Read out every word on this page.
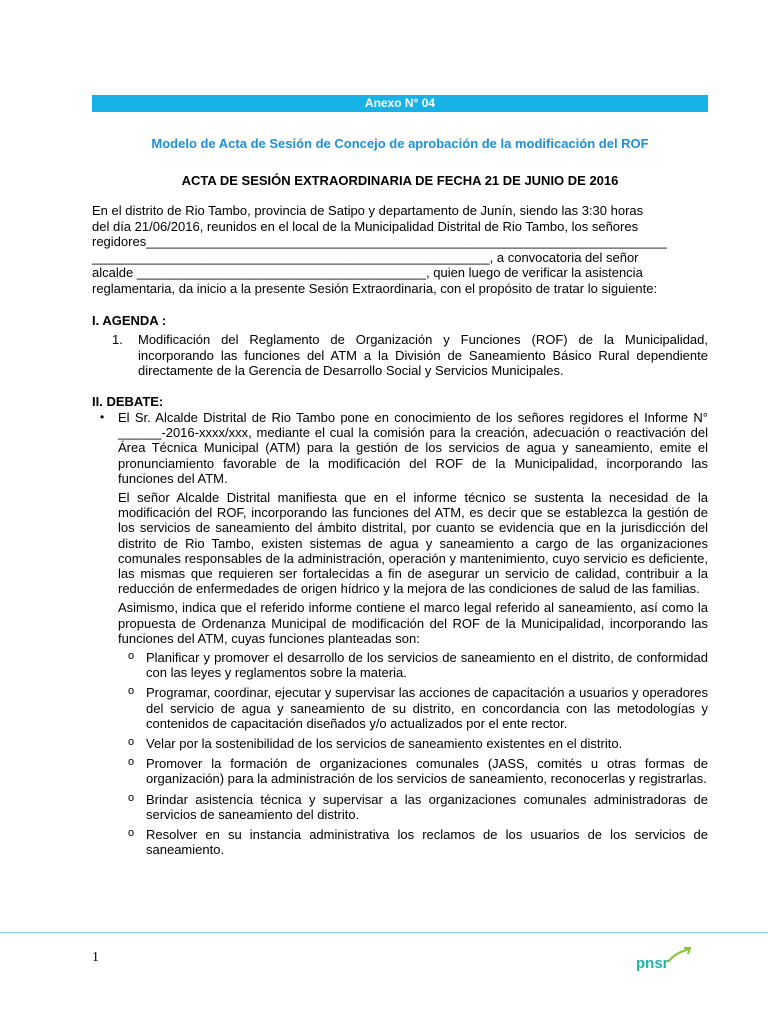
Anexo N° 04
Modelo de Acta de Sesión de Concejo de aprobación de la modificación del ROF
ACTA DE SESIÓN EXTRAORDINARIA DE FECHA 21 DE JUNIO DE 2016
En el distrito de Rio Tambo, provincia de Satipo y departamento de Junín, siendo las 3:30 horas
del día 21/06/2016, reunidos en el local de la Municipalidad Distrital de Rio Tambo, los señores
regidores________________________________________________________________________
_______________________________________________________, a convocatoria del señor
alcalde ________________________________________, quien luego de verificar la asistencia
reglamentaria, da inicio a la presente Sesión Extraordinaria, con el propósito de tratar lo siguiente:
I. AGENDA :
1. Modificación del Reglamento de Organización y Funciones (ROF) de la Municipalidad, incorporando las funciones del ATM a la División de Saneamiento Básico Rural dependiente directamente de la Gerencia de Desarrollo Social y Servicios Municipales.
II. DEBATE:
• El Sr. Alcalde Distrital de Rio Tambo pone en conocimiento de los señores regidores el Informe N° ______-2016-xxxx/xxx, mediante el cual la comisión para la creación, adecuación o reactivación del Área Técnica Municipal (ATM) para la gestión de los servicios de agua y saneamiento, emite el pronunciamiento favorable de la modificación del ROF de la Municipalidad, incorporando las funciones del ATM.

El señor Alcalde Distrital manifiesta que en el informe técnico se sustenta la necesidad de la modificación del ROF, incorporando las funciones del ATM, es decir que se establezca la gestión de los servicios de saneamiento del ámbito distrital, por cuanto se evidencia que en la jurisdicción del distrito de Rio Tambo, existen sistemas de agua y saneamiento a cargo de las organizaciones comunales responsables de la administración, operación y mantenimiento, cuyo servicio es deficiente, las mismas que requieren ser fortalecidas a fin de asegurar un servicio de calidad, contribuir a la reducción de enfermedades de origen hídrico y la mejora de las condiciones de salud de las familias.

Asimismo, indica que el referido informe contiene el marco legal referido al saneamiento, así como la propuesta de Ordenanza Municipal de modificación del ROF de la Municipalidad, incorporando las funciones del ATM, cuyas funciones planteadas son:

o Planificar y promover el desarrollo de los servicios de saneamiento en el distrito, de conformidad con las leyes y reglamentos sobre la materia.
o Programar, coordinar, ejecutar y supervisar las acciones de capacitación a usuarios y operadores del servicio de agua y saneamiento de su distrito, en concordancia con las metodologías y contenidos de capacitación diseñados y/o actualizados por el ente rector.
o Velar por la sostenibilidad de los servicios de saneamiento existentes en el distrito.
o Promover la formación de organizaciones comunales (JASS, comités u otras formas de organización) para la administración de los servicios de saneamiento, reconocerlas y registrarlas.
o Brindar asistencia técnica y supervisar a las organizaciones comunales administradoras de servicios de saneamiento del distrito.
o Resolver en su instancia administrativa los reclamos de los usuarios de los servicios de saneamiento.
1	pnsr
